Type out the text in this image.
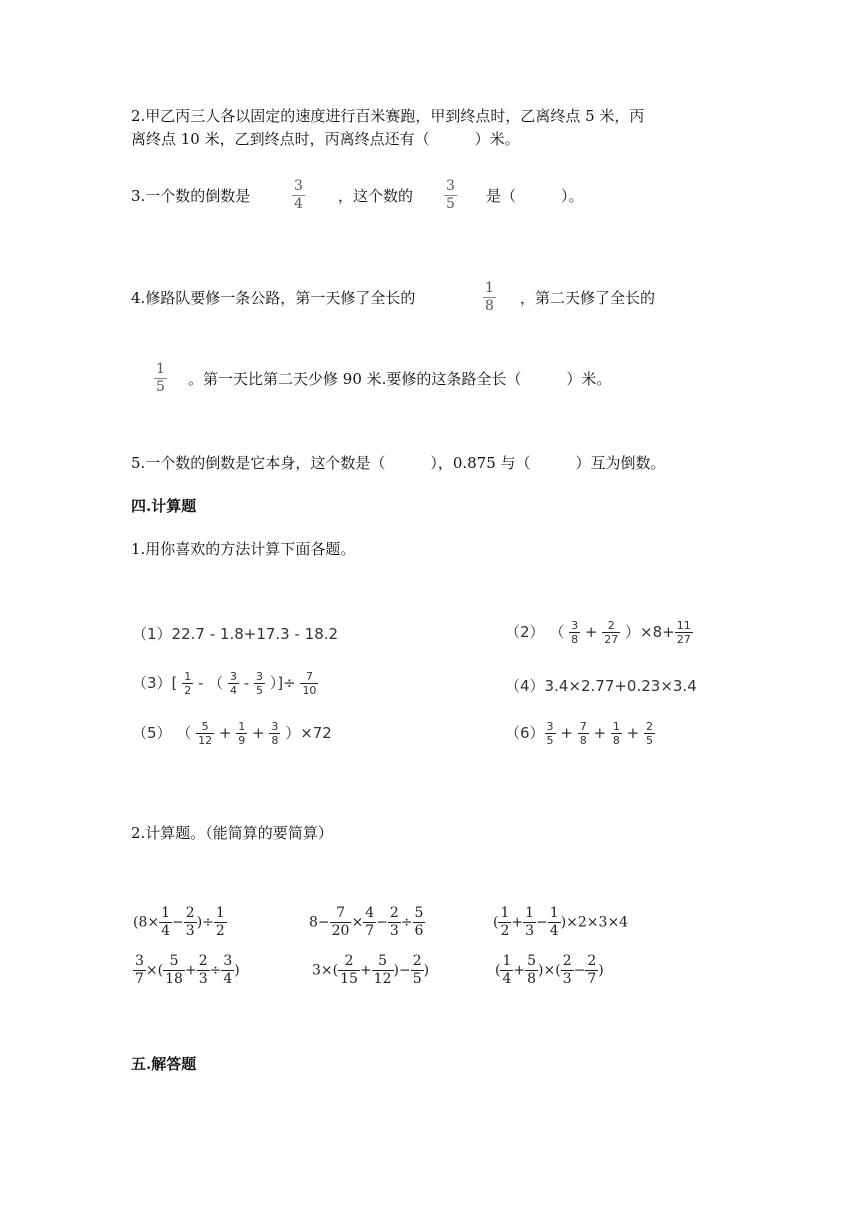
2.甲乙丙三人各以固定的速度进行百米赛跑，甲到终点时，乙离终点 5 米，丙
离终点 10 米，乙到终点时，丙离终点还有（　　　）米。
3.一个数的倒数是	$\frac{3}{4}$ ，这个数的 $\frac{3}{5}$ 是（　　　）。
4.修路队要修一条公路，第一天修了全长的	$\frac{1}{8}$ ，第二天修了全长的
$\frac{1}{5}$ 。第一天比第二天少修 90 米.要修的这条路全长（　　　）米。
5.一个数的倒数是它本身，这个数是（　　　），0.875 与（　　　）互为倒数。
四.计算题
1.用你喜欢的方法计算下面各题。
（1）22.7 - 1.8+17.3 - 18.2	（2） （ $\frac{3}{8} + \frac{2}{27} )\times 8+ \frac{11}{27}$
$(3)[ \frac{1}{2}$ - （ $\frac{3}{4} - \frac{3}{5}$ ）]÷ $\frac{7}{10}$	（4）3.4×2.77+0.23×3.4
（5） （ $\frac{5}{12} + \frac{1}{9} + \frac{3}{8} )\times 72$	$(6) \frac{3}{5} + \frac{7}{8} + \frac{1}{8} + \frac{2}{5}$
2.计算题。（能简算的要简算）
($8\times \frac{1}{4} - \frac{2}{3}$ )÷ $\frac{1}{2}$	$8- \frac{7}{20} \times \frac{4}{7} - \frac{2}{3} \div \frac{5}{6}$	( $\frac{1}{2} + \frac{1}{3} - \frac{1}{4} )\times 2\times 3\times 4$
$\frac{3}{7}$ ×( $\frac{5}{18} + \frac{2}{3} \div \frac{3}{4}$ )	$3\times( \frac{2}{15} + \frac{5}{12}$ )− $\frac{2}{5}$ )	( $\frac{1}{4} + \frac{5}{8}$ )×( $\frac{2}{3} - \frac{2}{7}$ )
五.解答题
